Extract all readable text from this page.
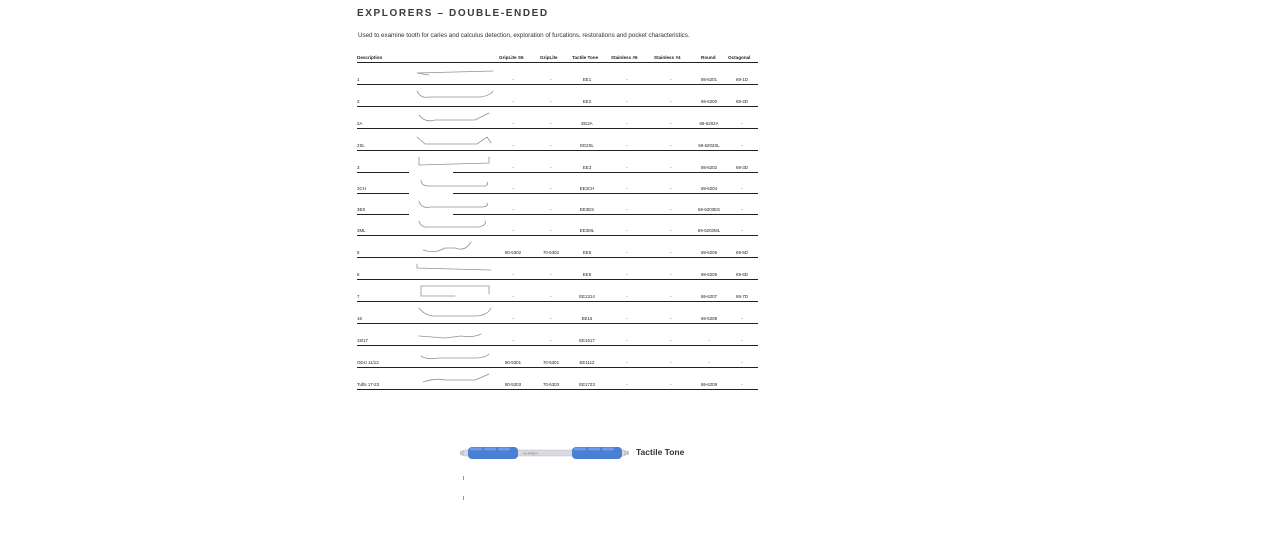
EXPLORERS – DOUBLE-ENDED
Used to examine tooth for caries and calculus detection, exploration of furcations, restorations and pocket characteristics.
Description	GripLite S6	GripLite	Tactile Tone	Stainless #6	Stainless #4	Round	Octagonal
1	-	-	EE1	-	-	69-6201	69-1D
2	-	-	EE2	-	-	69-6200	69-2D
2A	-	-	EE2A	-	-	69-6202A	-
2SL	-	-	EE2SL	-	-	69-6202SL	-
3	-	-	EE3	-	-	69-6202	69-3D
3CH	-	-	EE3CH	-	-	69-6204	-
3ES	-	-	EE3ES	-	-	69-6203ES	-
3ML	-	-	EE3ML	-	-	69-6203ML	-
5	80-5302	70-5302	EE5	-	-	69-6206	69-5D
6	-	-	EE6	-	-	69-6205	69-6D
7	-	-	EE1314	-	-	69-6207	69-7D
16	-	-	EE16	-	-	69-6208	-
16/17	-	-	EE1617	-	-	-	-
ODU 11/12	80-5301	70-5301	EE1112	-	-	-	-
Tufts 17-23	80-5303	70-5303	EE1723	-	-	69-6209	-
HU-FRIEDY	Tactile Tone
